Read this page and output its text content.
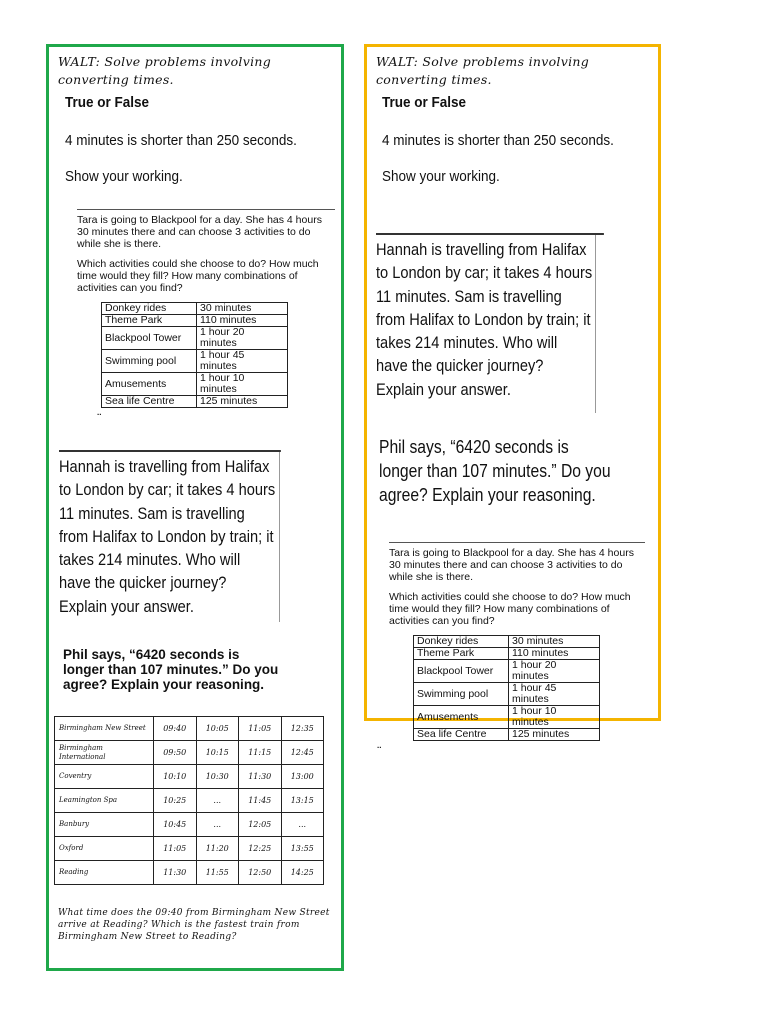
WALT: Solve problems involving converting times.
True or False
4 minutes is shorter than 250 seconds.
Show your working.

Tara is going to Blackpool for a day. She has 4 hours 30 minutes there and can choose 3 activities to do while she is there.

Which activities could she choose to do? How much time would they fill? How many combinations of activities can you find?

Donkey rides	30 minutes
Theme Park	110 minutes
Blackpool Tower	1 hour 20 minutes
Swimming pool	1 hour 45 minutes
Amusements	1 hour 10 minutes
Sea life Centre	125 minutes
..
Hannah is travelling from Halifax
to London by car; it takes 4 hours
11 minutes. Sam is travelling
from Halifax to London by train; it
takes 214 minutes. Who will
have the quicker journey?
Explain your answer.
Phil says, “6420 seconds is
longer than 107 minutes.” Do you
agree? Explain your reasoning.
Birmingham New Street	09:40	10:05	11:05	12:35
Birmingham International	09:50	10:15	11:15	12:45
Coventry	10:10	10:30	11:30	13:00
Leamington Spa	10:25	...	11:45	13:15
Banbury	10:45	...	12:05	...
Oxford	11:05	11:20	12:25	13:55
Reading	11:30	11:55	12:50	14:25
What time does the 09:40 from Birmingham New Street arrive at Reading? Which is the fastest train from Birmingham New Street to Reading?
WALT: Solve problems involving converting times.
True or False
4 minutes is shorter than 250 seconds.
Show your working.
Hannah is travelling from Halifax
to London by car; it takes 4 hours
11 minutes. Sam is travelling
from Halifax to London by train; it
takes 214 minutes. Who will
have the quicker journey?
Explain your answer.
Phil says, “6420 seconds is
longer than 107 minutes.” Do you
agree? Explain your reasoning.

Tara is going to Blackpool for a day. She has 4 hours 30 minutes there and can choose 3 activities to do while she is there.

Which activities could she choose to do? How much time would they fill? How many combinations of activities can you find?

Donkey rides	30 minutes
Theme Park	110 minutes
Blackpool Tower	1 hour 20 minutes
Swimming pool	1 hour 45 minutes
Amusements	1 hour 10 minutes
Sea life Centre	125 minutes
..
